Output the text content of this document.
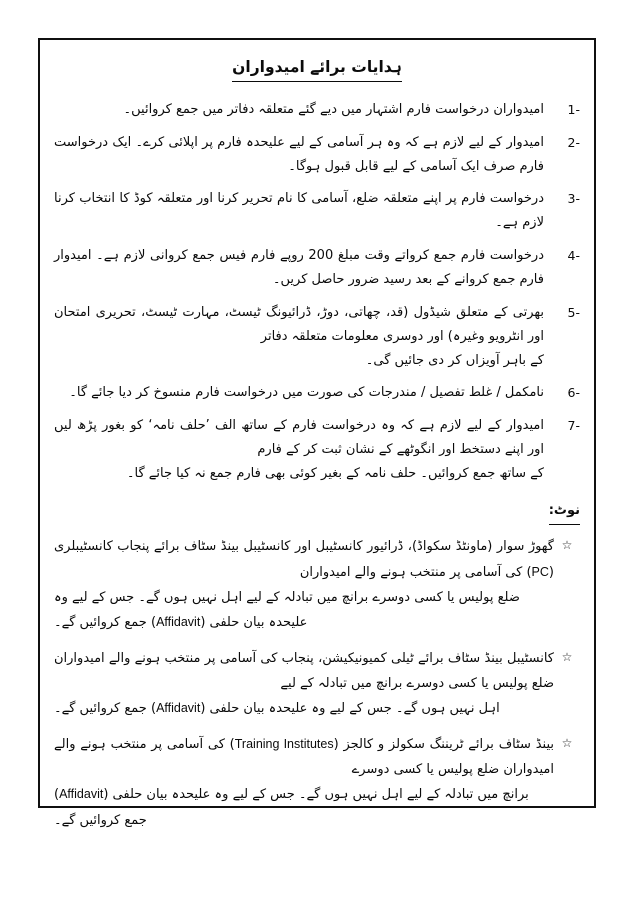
ہدایات برائے امیدواران
1-
امیدواران درخواست فارم اشتہار میں دیے گئے متعلقہ دفاتر میں جمع کروائیں۔
2-
امیدوار کے لیے لازم ہے کہ وہ ہر آسامی کے لیے علیحدہ فارم پر اپلائی کرے۔ ایک درخواست فارم صرف ایک آسامی کے لیے قابل قبول ہوگا۔
3-
درخواست فارم پر اپنے متعلقہ ضلع، آسامی کا نام تحریر کرنا اور متعلقہ کوڈ کا انتخاب کرنا لازم ہے۔
4-
درخواست فارم جمع کرواتے وقت مبلغ 200 روپے فارم فیس جمع کروانی لازم ہے۔ امیدوار فارم جمع کروانے کے بعد رسید ضرور حاصل کریں۔
5-
بھرتی کے متعلق شیڈول (قد، چھاتی، دوڑ، ڈرائیونگ ٹیسٹ، مہارت ٹیسٹ، تحریری امتحان اور انٹرویو وغیرہ) اور دوسری معلومات متعلقہ دفاتر
کے باہر آویزاں کر دی جائیں گی۔
6-
نامکمل / غلط تفصیل / مندرجات کی صورت میں درخواست فارم منسوخ کر دیا جائے گا۔
7-
امیدوار کے لیے لازم ہے کہ وہ درخواست فارم کے ساتھ الف ’حلف نامہ‘ کو بغور پڑھ لیں اور اپنے دستخط اور انگوٹھے کے نشان ثبت کر کے فارم
کے ساتھ جمع کروائیں۔ حلف نامہ کے بغیر کوئی بھی فارم جمع نہ کیا جائے گا۔
نوٹ:
☆
گھوڑ سوار (ماونٹڈ سکواڈ)، ڈرائیور کانسٹیبل اور کانسٹیبل بینڈ سٹاف برائے پنجاب کانسٹیبلری (PC) کی آسامی پر منتخب ہونے والے امیدواران
ضلع پولیس یا کسی دوسرے برانچ میں تبادلہ کے لیے اہل نہیں ہوں گے۔ جس کے لیے وہ علیحدہ بیان حلفی (Affidavit) جمع کروائیں گے۔
☆
کانسٹیبل بینڈ سٹاف برائے ٹیلی کمیونیکیشن، پنجاب کی آسامی پر منتخب ہونے والے امیدواران ضلع پولیس یا کسی دوسرے برانچ میں تبادلہ کے لیے
اہل نہیں ہوں گے۔ جس کے لیے وہ علیحدہ بیان حلفی (Affidavit) جمع کروائیں گے۔
☆
بینڈ سٹاف برائے ٹریننگ سکولز و کالجز (Training Institutes) کی آسامی پر منتخب ہونے والے امیدواران ضلع پولیس یا کسی دوسرے
برانچ میں تبادلہ کے لیے اہل نہیں ہوں گے۔ جس کے لیے وہ علیحدہ بیان حلفی (Affidavit) جمع کروائیں گے۔
